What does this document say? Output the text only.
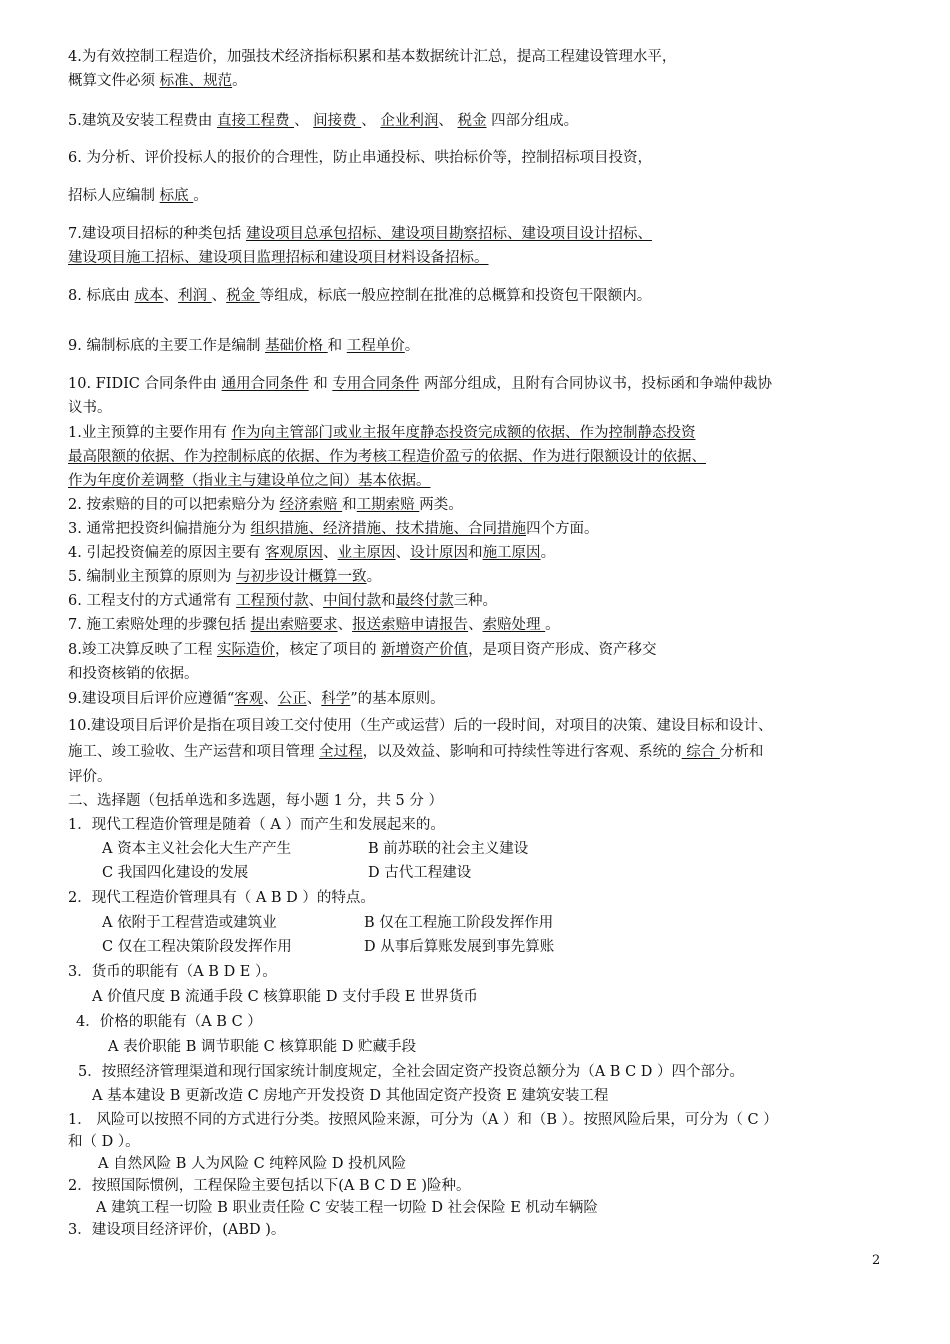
4.为有效控制工程造价，加强技术经济指标积累和基本数据统计汇总，提高工程建设管理水平，
概算文件必须 标准、规范。
5.建筑及安装工程费由 直接工程费 、 间接费 、 企业利润、 税金 四部分组成。
6. 为分析、评价投标人的报价的合理性，防止串通投标、哄抬标价等，控制招标项目投资，
招标人应编制 标底 。
7.建设项目招标的种类包括 建设项目总承包招标、建设项目勘察招标、建设项目设计招标、
建设项目施工招标、建设项目监理招标和建设项目材料设备招标。
8. 标底由 成本、利润 、税金 等组成，标底一般应控制在批准的总概算和投资包干限额内。
9. 编制标底的主要工作是编制 基础价格 和 工程单价。
10. FIDIC 合同条件由 通用合同条件 和 专用合同条件 两部分组成，且附有合同协议书，投标函和争端仲裁协
议书。
1.业主预算的主要作用有 作为向主管部门或业主报年度静态投资完成额的依据、作为控制静态投资
最高限额的依据、作为控制标底的依据、作为考核工程造价盈亏的依据、作为进行限额设计的依据、
作为年度价差调整（指业主与建设单位之间）基本依据。
2. 按索赔的目的可以把索赔分为 经济索赔 和工期索赔 两类。
3. 通常把投资纠偏措施分为 组织措施、经济措施、技术措施、合同措施四个方面。
4. 引起投资偏差的原因主要有 客观原因、业主原因、设计原因和施工原因。
5. 编制业主预算的原则为 与初步设计概算一致。
6. 工程支付的方式通常有 工程预付款、中间付款和最终付款三种。
7. 施工索赔处理的步骤包括 提出索赔要求、报送索赔申请报告、索赔处理 。
8.竣工决算反映了工程 实际造价，核定了项目的 新增资产价值，是项目资产形成、资产移交
和投资核销的依据。
9.建设项目后评价应遵循“客观、公正、科学”的基本原则。
10.建设项目后评价是指在项目竣工交付使用（生产或运营）后的一段时间，对项目的决策、建设目标和设计、
施工、竣工验收、生产运营和项目管理 全过程，以及效益、影响和可持续性等进行客观、系统的 综合 分析和
评价。
二、选择题（包括单选和多选题，每小题 1 分，共 5 分 ）
1．现代工程造价管理是随着（ A ）而产生和发展起来的。
A 资本主义社会化大生产产生	B 前苏联的社会主义建设
C 我国四化建设的发展	D 古代工程建设
2．现代工程造价管理具有（ A B D ）的特点。
A 依附于工程营造或建筑业	B 仅在工程施工阶段发挥作用
C 仅在工程决策阶段发挥作用	D 从事后算账发展到事先算账
3．货币的职能有（A B D E ）。
A 价值尺度 B 流通手段 C 核算职能 D 支付手段 E 世界货币
4．价格的职能有（A B C ）
A 表价职能 B 调节职能 C 核算职能 D 贮藏手段
5．按照经济管理渠道和现行国家统计制度规定，全社会固定资产投资总额分为（A B C D ）四个部分。
A 基本建设 B 更新改造 C 房地产开发投资 D 其他固定资产投资 E 建筑安装工程
1． 风险可以按照不同的方式进行分类。按照风险来源，可分为（A ）和（B ）。按照风险后果，可分为（ C ）
和（ D ）。
A 自然风险 B 人为风险 C 纯粹风险 D 投机风险
2．按照国际惯例，工程保险主要包括以下(A B C D E )险种。
A 建筑工程一切险 B 职业责任险 C 安装工程一切险 D 社会保险 E 机动车辆险
3．建设项目经济评价，(ABD )。
2
